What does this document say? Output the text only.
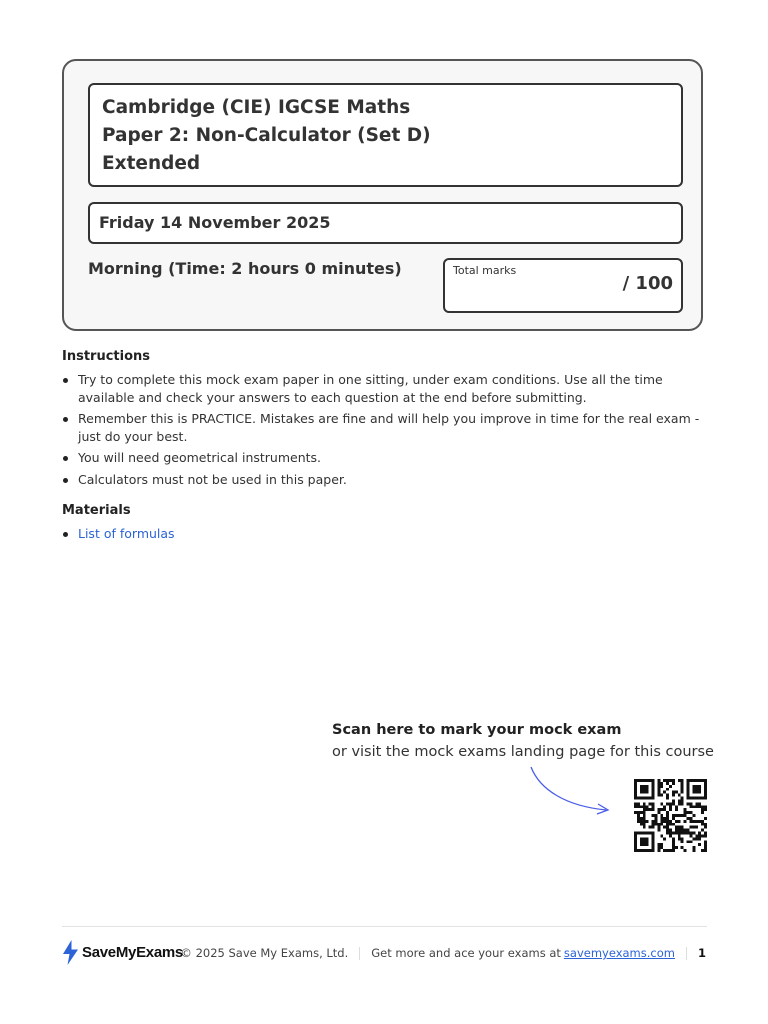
Cambridge (CIE) IGCSE Maths
Paper 2: Non-Calculator (Set D)
Extended
Friday 14 November 2025
Morning (Time: 2 hours 0 minutes)	Total marks
/ 100
Instructions
Try to complete this mock exam paper in one sitting, under exam conditions. Use all the time available and check your answers to each question at the end before submitting.
Remember this is PRACTICE. Mistakes are fine and will help you improve in time for the real exam - just do your best.
You will need geometrical instruments.
Calculators must not be used in this paper.
Materials
List of formulas
Scan here to mark your mock exam
or visit the mock exams landing page for this course
SaveMyExams
© 2025 Save My Exams, Ltd. Get more and ace your exams at savemyexams.com 1
